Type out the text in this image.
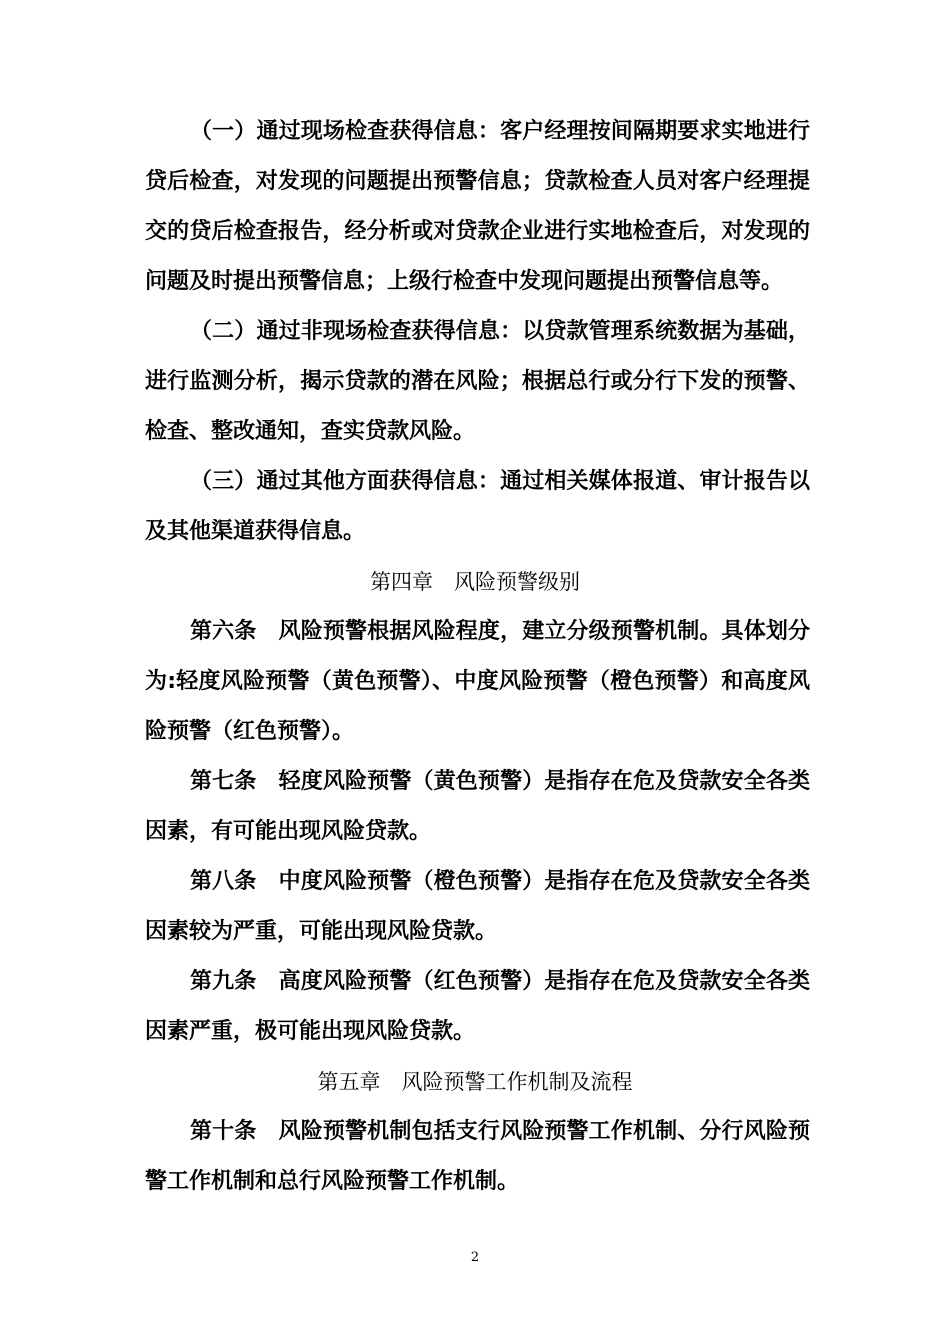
（一）通过现场检查获得信息：客户经理按间隔期要求实地进行
贷后检查，对发现的问题提出预警信息；贷款检查人员对客户经理提
交的贷后检查报告，经分析或对贷款企业进行实地检查后，对发现的
问题及时提出预警信息；上级行检查中发现问题提出预警信息等。
（二）通过非现场检查获得信息：以贷款管理系统数据为基础，
进行监测分析，揭示贷款的潜在风险；根据总行或分行下发的预警、
检查、整改通知，查实贷款风险。
（三）通过其他方面获得信息：通过相关媒体报道、审计报告以
及其他渠道获得信息。
第四章　风险预警级别
第六条　风险预警根据风险程度，建立分级预警机制。具体划分
为:轻度风险预警（黄色预警）、中度风险预警（橙色预警）和高度风
险预警（红色预警）。
第七条　轻度风险预警（黄色预警）是指存在危及贷款安全各类
因素，有可能出现风险贷款。
第八条　中度风险预警（橙色预警）是指存在危及贷款安全各类
因素较为严重，可能出现风险贷款。
第九条　高度风险预警（红色预警）是指存在危及贷款安全各类
因素严重，极可能出现风险贷款。
第五章　风险预警工作机制及流程
第十条　风险预警机制包括支行风险预警工作机制、分行风险预
警工作机制和总行风险预警工作机制。
2
